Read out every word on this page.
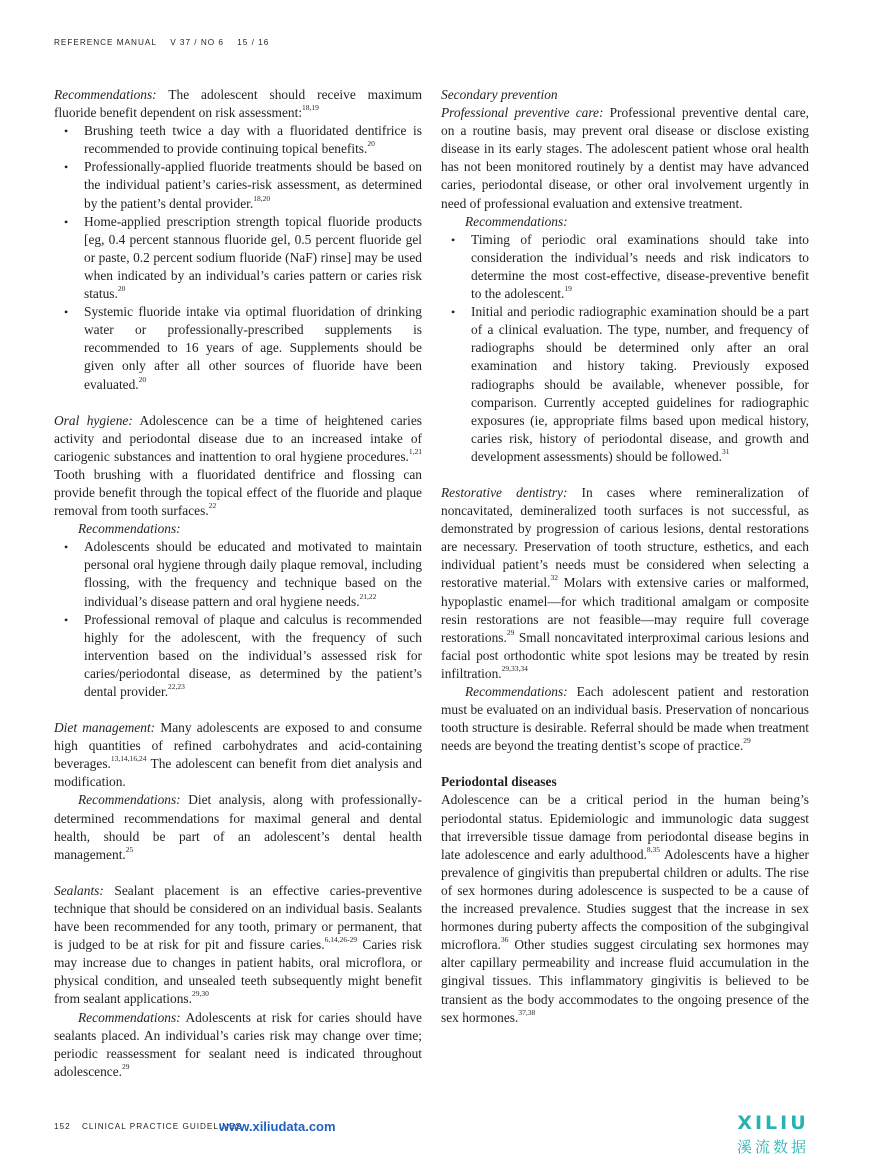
REFERENCE MANUAL V 37 / NO 6 15 / 16

Recommendations: The adolescent should receive maximum fluoride benefit dependent on risk assessment:$^{18,19}$

• Brushing teeth twice a day with a fluoridated dentifrice is recommended to provide continuing topical benefits.$^{20}$
• Professionally-applied fluoride treatments should be based on the individual patient’s caries-risk assessment, as determined by the patient’s dental provider.$^{18,20}$
• Home-applied prescription strength topical fluoride products [eg, 0.4 percent stannous fluoride gel, 0.5 percent fluoride gel or paste, 0.2 percent sodium fluoride (NaF) rinse] may be used when indicated by an individual’s caries pattern or caries risk status.$^{20}$
• Systemic fluoride intake via optimal fluoridation of drinking water or professionally-prescribed supplements is recommended to 16 years of age. Supplements should be given only after all other sources of fluoride have been evaluated.$^{20}$

Oral hygiene: Adolescence can be a time of heightened caries activity and periodontal disease due to an increased intake of cariogenic substances and inattention to oral hygiene procedures.$^{1,21}$ Tooth brushing with a fluoridated dentifrice and flossing can provide benefit through the topical effect of the fluoride and plaque removal from tooth surfaces.$^{22}$

Recommendations:

• Adolescents should be educated and motivated to maintain personal oral hygiene through daily plaque removal, including flossing, with the frequency and technique based on the individual’s disease pattern and oral hygiene needs.$^{21,22}$
• Professional removal of plaque and calculus is recommended highly for the adolescent, with the frequency of such intervention based on the individual’s assessed risk for caries/periodontal disease, as determined by the patient’s dental provider.$^{22,23}$

Diet management: Many adolescents are exposed to and consume high quantities of refined carbohydrates and acid-containing beverages.$^{13,14,16,24}$ The adolescent can benefit from diet analysis and modification.

Recommendations: Diet analysis, along with professionally-determined recommendations for maximal general and dental health, should be part of an adolescent’s dental health management.$^{25}$

Sealants: Sealant placement is an effective caries-preventive technique that should be considered on an individual basis. Sealants have been recommended for any tooth, primary or permanent, that is judged to be at risk for pit and fissure caries.$^{6,14,26-29}$ Caries risk may increase due to changes in patient habits, oral microflora, or physical condition, and unsealed teeth subsequently might benefit from sealant applications.$^{29,30}$

Recommendations: Adolescents at risk for caries should have sealants placed. An individual’s caries risk may change over time; periodic reassessment for sealant need is indicated throughout adolescence.$^{29}$

Secondary prevention

Professional preventive care: Professional preventive dental care, on a routine basis, may prevent oral disease or disclose existing disease in its early stages. The adolescent patient whose oral health has not been monitored routinely by a dentist may have advanced caries, periodontal disease, or other oral involvement urgently in need of professional evaluation and extensive treatment.

Recommendations:

• Timing of periodic oral examinations should take into consideration the individual’s needs and risk indicators to determine the most cost-effective, disease-preventive benefit to the adolescent.$^{19}$
• Initial and periodic radiographic examination should be a part of a clinical evaluation. The type, number, and frequency of radiographs should be determined only after an oral examination and history taking. Previously exposed radiographs should be available, whenever possible, for comparison. Currently accepted guidelines for radiographic exposures (ie, appropriate films based upon medical history, caries risk, history of periodontal disease, and growth and development assessments) should be followed.$^{31}$

Restorative dentistry: In cases where remineralization of noncavitated, demineralized tooth surfaces is not successful, as demonstrated by progression of carious lesions, dental restorations are necessary. Preservation of tooth structure, esthetics, and each individual patient’s needs must be considered when selecting a restorative material.$^{32}$ Molars with extensive caries or malformed, hypoplastic enamel—for which traditional amalgam or composite resin restorations are not feasible—may require full coverage restorations.$^{29}$ Small noncavitated interproximal carious lesions and facial post orthodontic white spot lesions may be treated by resin infiltration.$^{29,33,34}$

Recommendations: Each adolescent patient and restoration must be evaluated on an individual basis. Preservation of noncarious tooth structure is desirable. Referral should be made when treatment needs are beyond the treating dentist’s scope of practice.$^{29}$

Periodontal diseases

Adolescence can be a critical period in the human being’s periodontal status. Epidemiologic and immunologic data suggest that irreversible tissue damage from periodontal disease begins in late adolescence and early adulthood.$^{8,35}$ Adolescents have a higher prevalence of gingivitis than prepubertal children or adults. The rise of sex hormones during adolescence is suspected to be a cause of the increased prevalence. Studies suggest that the increase in sex hormones during puberty affects the composition of the subgingival microflora.$^{36}$ Other studies suggest circulating sex hormones may alter capillary permeability and increase fluid accumulation in the gingival tissues. This inflammatory gingivitis is believed to be transient as the body accommodates to the ongoing presence of the sex hormones.$^{37,38}$

152 CLINICAL PRACTICE GUIDELINES
www.xiliudata.com	XILIU
溪流数据
